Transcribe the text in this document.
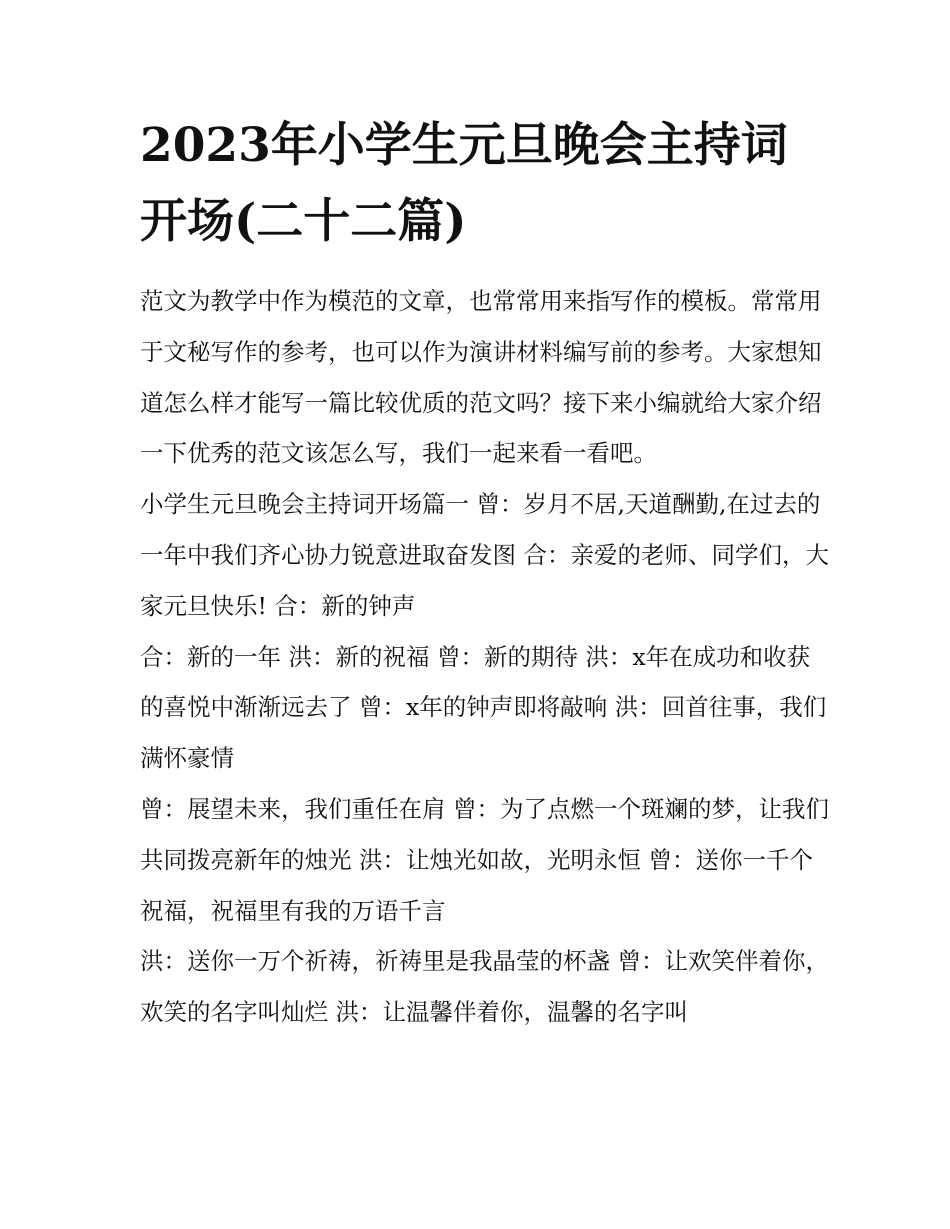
2023年小学生元旦晚会主持词开场(二十二篇)

范文为教学中作为模范的文章，也常常用来指写作的模板。常常用于文秘写作的参考，也可以作为演讲材料编写前的参考。大家想知道怎么样才能写一篇比较优质的范文吗？接下来小编就给大家介绍一下优秀的范文该怎么写，我们一起来看一看吧。

小学生元旦晚会主持词开场篇一 曾：岁月不居,天道酬勤,在过去的一年中我们齐心协力锐意进取奋发图 合：亲爱的老师、同学们，大家元旦快乐! 合：新的钟声

合：新的一年 洪：新的祝福 曾：新的期待 洪：x年在成功和收获的喜悦中渐渐远去了 曾：x年的钟声即将敲响 洪：回首往事，我们满怀豪情

曾：展望未来，我们重任在肩 曾：为了点燃一个斑斓的梦，让我们共同拨亮新年的烛光 洪：让烛光如故，光明永恒 曾：送你一千个祝福，祝福里有我的万语千言

洪：送你一万个祈祷，祈祷里是我晶莹的杯盏 曾：让欢笑伴着你，欢笑的名字叫灿烂 洪：让温馨伴着你，温馨的名字叫
